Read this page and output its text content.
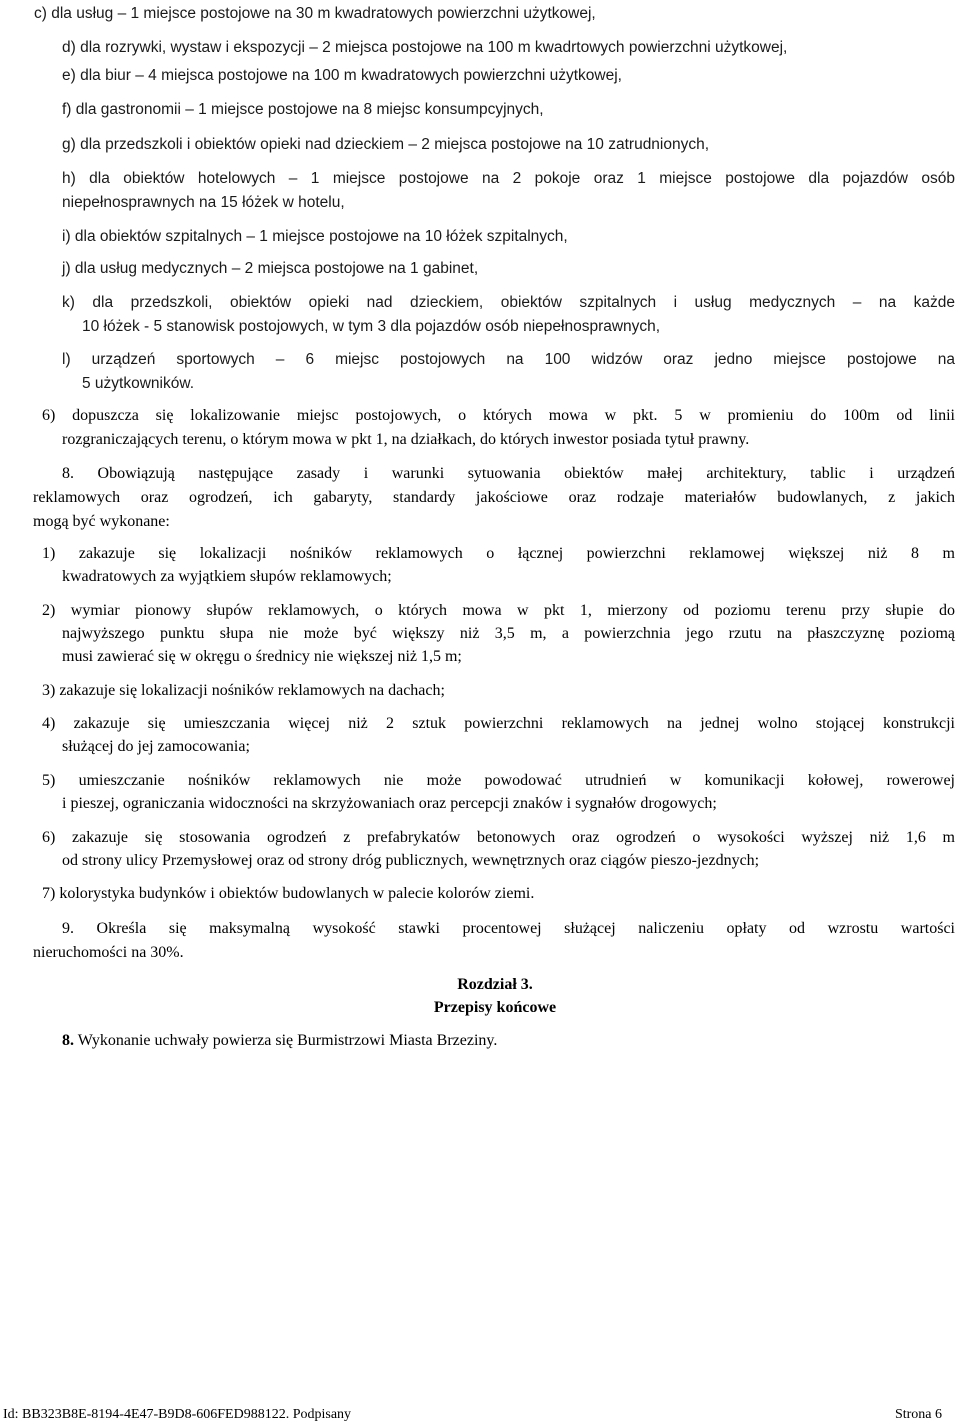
c) dla usług – 1 miejsce postojowe na 30 m kwadratowych powierzchni użytkowej,
d) dla rozrywki, wystaw i ekspozycji – 2 miejsca postojowe na 100 m kwadrtowych powierzchni użytkowej,
e) dla biur – 4 miejsca postojowe na 100 m kwadratowych powierzchni użytkowej,
f) dla gastronomii – 1 miejsce postojowe na 8 miejsc konsumpcyjnych,
g) dla przedszkoli i obiektów opieki nad dzieckiem – 2 miejsca postojowe na 10 zatrudnionych,
h) dla obiektów hotelowych – 1 miejsce postojowe na 2 pokoje oraz 1 miejsce postojowe dla pojazdów osób
niepełnosprawnych na 15 łóżek w hotelu,
i) dla obiektów szpitalnych – 1 miejsce postojowe na 10 łóżek szpitalnych,
j) dla usług medycznych – 2 miejsca postojowe na 1 gabinet,
k) dla przedszkoli, obiektów opieki nad dzieckiem, obiektów szpitalnych i usług medycznych – na każde
10 łóżek - 5 stanowisk postojowych, w tym 3 dla pojazdów osób niepełnosprawnych,
l) urządzeń sportowych – 6 miejsc postojowych na 100 widzów oraz jedno miejsce postojowe na
5 użytkowników.
6) dopuszcza się lokalizowanie miejsc postojowych, o których mowa w pkt. 5 w promieniu do 100m od linii
rozgraniczających terenu, o którym mowa w pkt 1, na działkach, do których inwestor posiada tytuł prawny.
8. Obowiązują następujące zasady i warunki sytuowania obiektów małej architektury, tablic i urządzeń
reklamowych oraz ogrodzeń, ich gabaryty, standardy jakościowe oraz rodzaje materiałów budowlanych, z jakich
mogą być wykonane:
1) zakazuje się lokalizacji nośników reklamowych o łącznej powierzchni reklamowej większej niż 8 m
kwadratowych za wyjątkiem słupów reklamowych;
2) wymiar pionowy słupów reklamowych, o których mowa w pkt 1, mierzony od poziomu terenu przy słupie do
najwyższego punktu słupa nie może być większy niż 3,5 m, a powierzchnia jego rzutu na płaszczyznę poziomą
musi zawierać się w okręgu o średnicy nie większej niż 1,5 m;
3) zakazuje się lokalizacji nośników reklamowych na dachach;
4) zakazuje się umieszczania więcej niż 2 sztuk powierzchni reklamowych na jednej wolno stojącej konstrukcji
służącej do jej zamocowania;
5) umieszczanie nośników reklamowych nie może powodować utrudnień w komunikacji kołowej, rowerowej
i pieszej, ograniczania widoczności na skrzyżowaniach oraz percepcji znaków i sygnałów drogowych;
6) zakazuje się stosowania ogrodzeń z prefabrykatów betonowych oraz ogrodzeń o wysokości wyższej niż 1,6 m
od strony ulicy Przemysłowej oraz od strony dróg publicznych, wewnętrznych oraz ciągów pieszo-jezdnych;
7) kolorystyka budynków i obiektów budowlanych w palecie kolorów ziemi.
9. Określa się maksymalną wysokość stawki procentowej służącej naliczeniu opłaty od wzrostu wartości
nieruchomości na 30%.
Rozdział 3.
Przepisy końcowe
8. Wykonanie uchwały powierza się Burmistrzowi Miasta Brzeziny.
Id: BB323B8E-8194-4E47-B9D8-606FED988122. Podpisany	Strona 6
